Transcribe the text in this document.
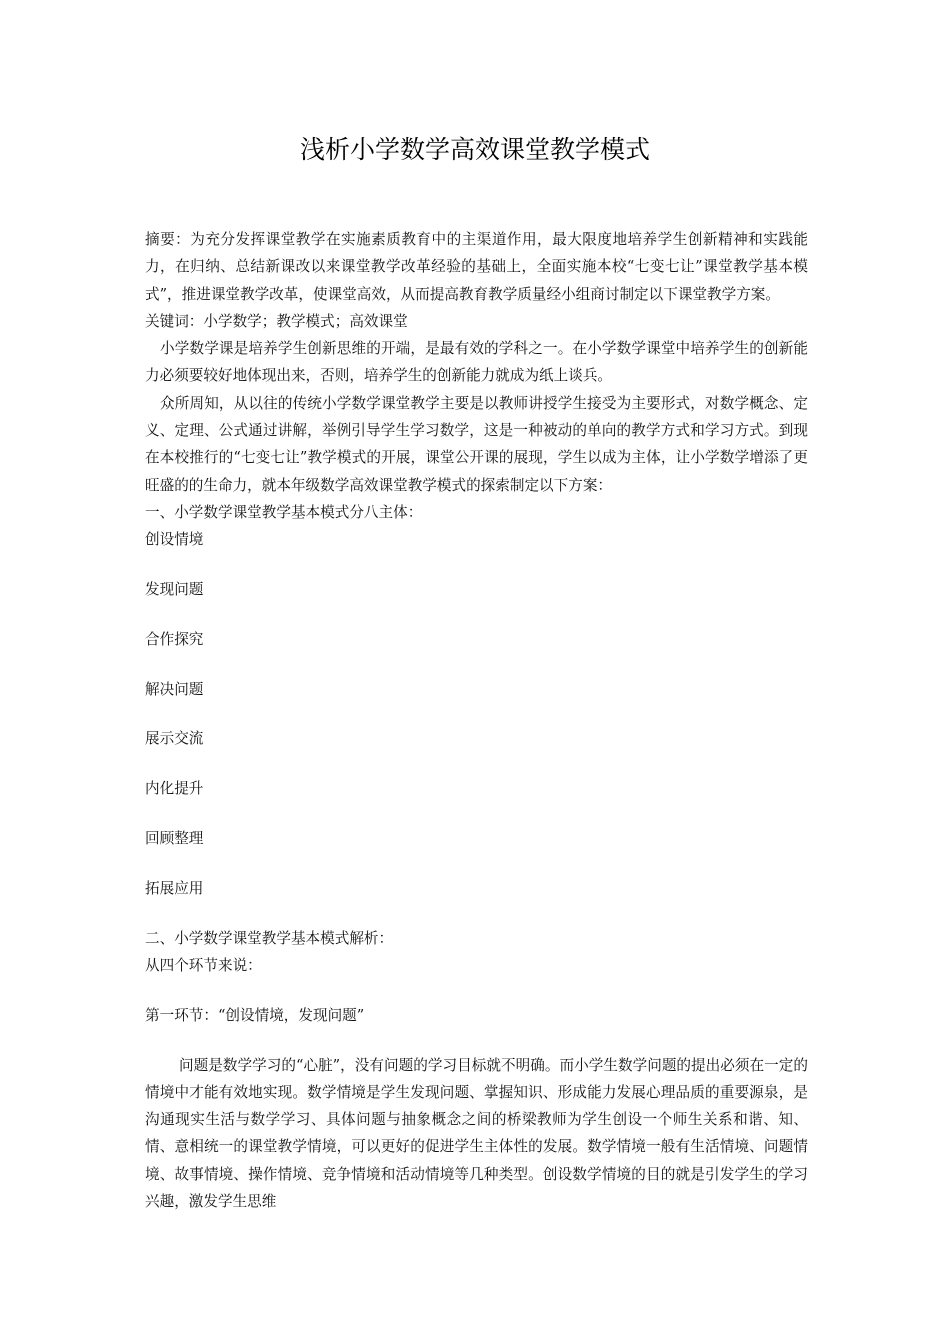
浅析小学数学高效课堂教学模式

摘要：为充分发挥课堂教学在实施素质教育中的主渠道作用，最大限度地培养学生创新精神和实践能力，在归纳、总结新课改以来课堂教学改革经验的基础上，全面实施本校“七变七让”课堂教学基本模式”，推进课堂教学改革，使课堂高效，从而提高教育教学质量经小组商讨制定以下课堂教学方案。

关键词：小学数学；教学模式；高效课堂

小学数学课是培养学生创新思维的开端，是最有效的学科之一。在小学数学课堂中培养学生的创新能力必须要较好地体现出来，否则，培养学生的创新能力就成为纸上谈兵。

众所周知，从以往的传统小学数学课堂教学主要是以教师讲授学生接受为主要形式，对数学概念、定义、定理、公式通过讲解，举例引导学生学习数学，这是一种被动的单向的教学方式和学习方式。到现在本校推行的“七变七让”教学模式的开展，课堂公开课的展现，学生以成为主体，让小学数学增添了更旺盛的的生命力，就本年级数学高效课堂教学模式的探索制定以下方案：

一、小学数学课堂教学基本模式分八主体：

创设情境
发现问题
合作探究
解决问题
展示交流
内化提升
回顾整理
拓展应用

二、小学数学课堂教学基本模式解析：

从四个环节来说：

第一环节：“创设情境，发现问题”

问题是数学学习的“心脏”，没有问题的学习目标就不明确。而小学生数学问题的提出必须在一定的情境中才能有效地实现。数学情境是学生发现问题、掌握知识、形成能力发展心理品质的重要源泉，是沟通现实生活与数学学习、具体问题与抽象概念之间的桥梁教师为学生创设一个师生关系和谐、知、情、意相统一的课堂教学情境，可以更好的促进学生主体性的发展。数学情境一般有生活情境、问题情境、故事情境、操作情境、竞争情境和活动情境等几种类型。创设数学情境的目的就是引发学生的学习兴趣，激发学生思维
